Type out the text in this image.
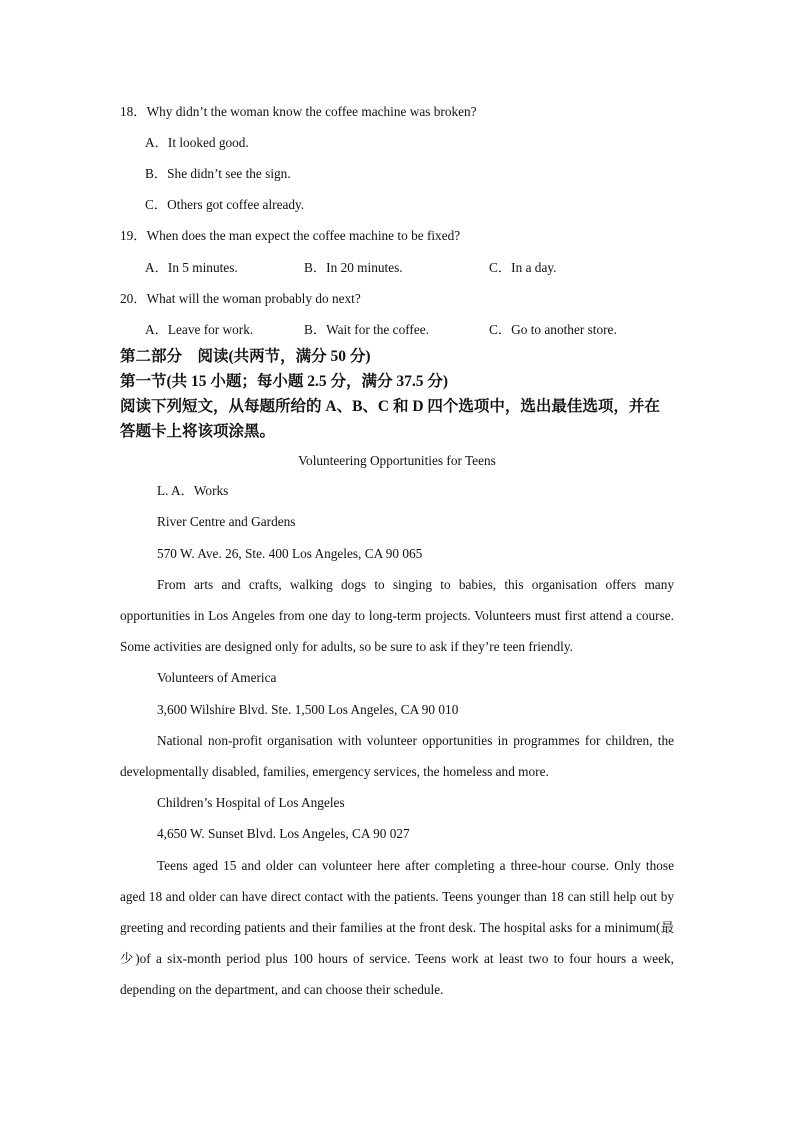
18．Why didn’t the woman know the coffee machine was broken?
A．It looked good.
B．She didn’t see the sign.
C．Others got coffee already.
19．When does the man expect the coffee machine to be fixed?
A．In 5 minutes.	B．In 20 minutes.	C．In a day.
20．What will the woman probably do next?
A．Leave for work.	B．Wait for the coffee.	C．Go to another store.
第二部分　阅读(共两节，满分 50 分)
第一节(共 15 小题；每小题 2.5 分，满分 37.5 分)
阅读下列短文，从每题所给的 A、B、C 和 D 四个选项中，选出最佳选项，并在
答题卡上将该项涂黑。
Volunteering Opportunities for Teens
L. A．Works
River Centre and Gardens
570 W. Ave. 26, Ste. 400 Los Angeles, CA 90 065
From arts and crafts, walking dogs to singing to babies, this organisation offers many opportunities in Los Angeles from one day to long-term projects. Volunteers must first attend a course. Some activities are designed only for adults, so be sure to ask if they’re teen friendly.
Volunteers of America
3,600 Wilshire Blvd. Ste. 1,500 Los Angeles, CA 90 010
National non-profit organisation with volunteer opportunities in programmes for children, the developmentally disabled, families, emergency services, the homeless and more.
Children’s Hospital of Los Angeles
4,650 W. Sunset Blvd. Los Angeles, CA 90 027
Teens aged 15 and older can volunteer here after completing a three-hour course. Only those aged 18 and older can have direct contact with the patients. Teens younger than 18 can still help out by greeting and recording patients and their families at the front desk. The hospital asks for a minimum(最少)of a six-month period plus 100 hours of service. Teens work at least two to four hours a week, depending on the department, and can choose their schedule.
